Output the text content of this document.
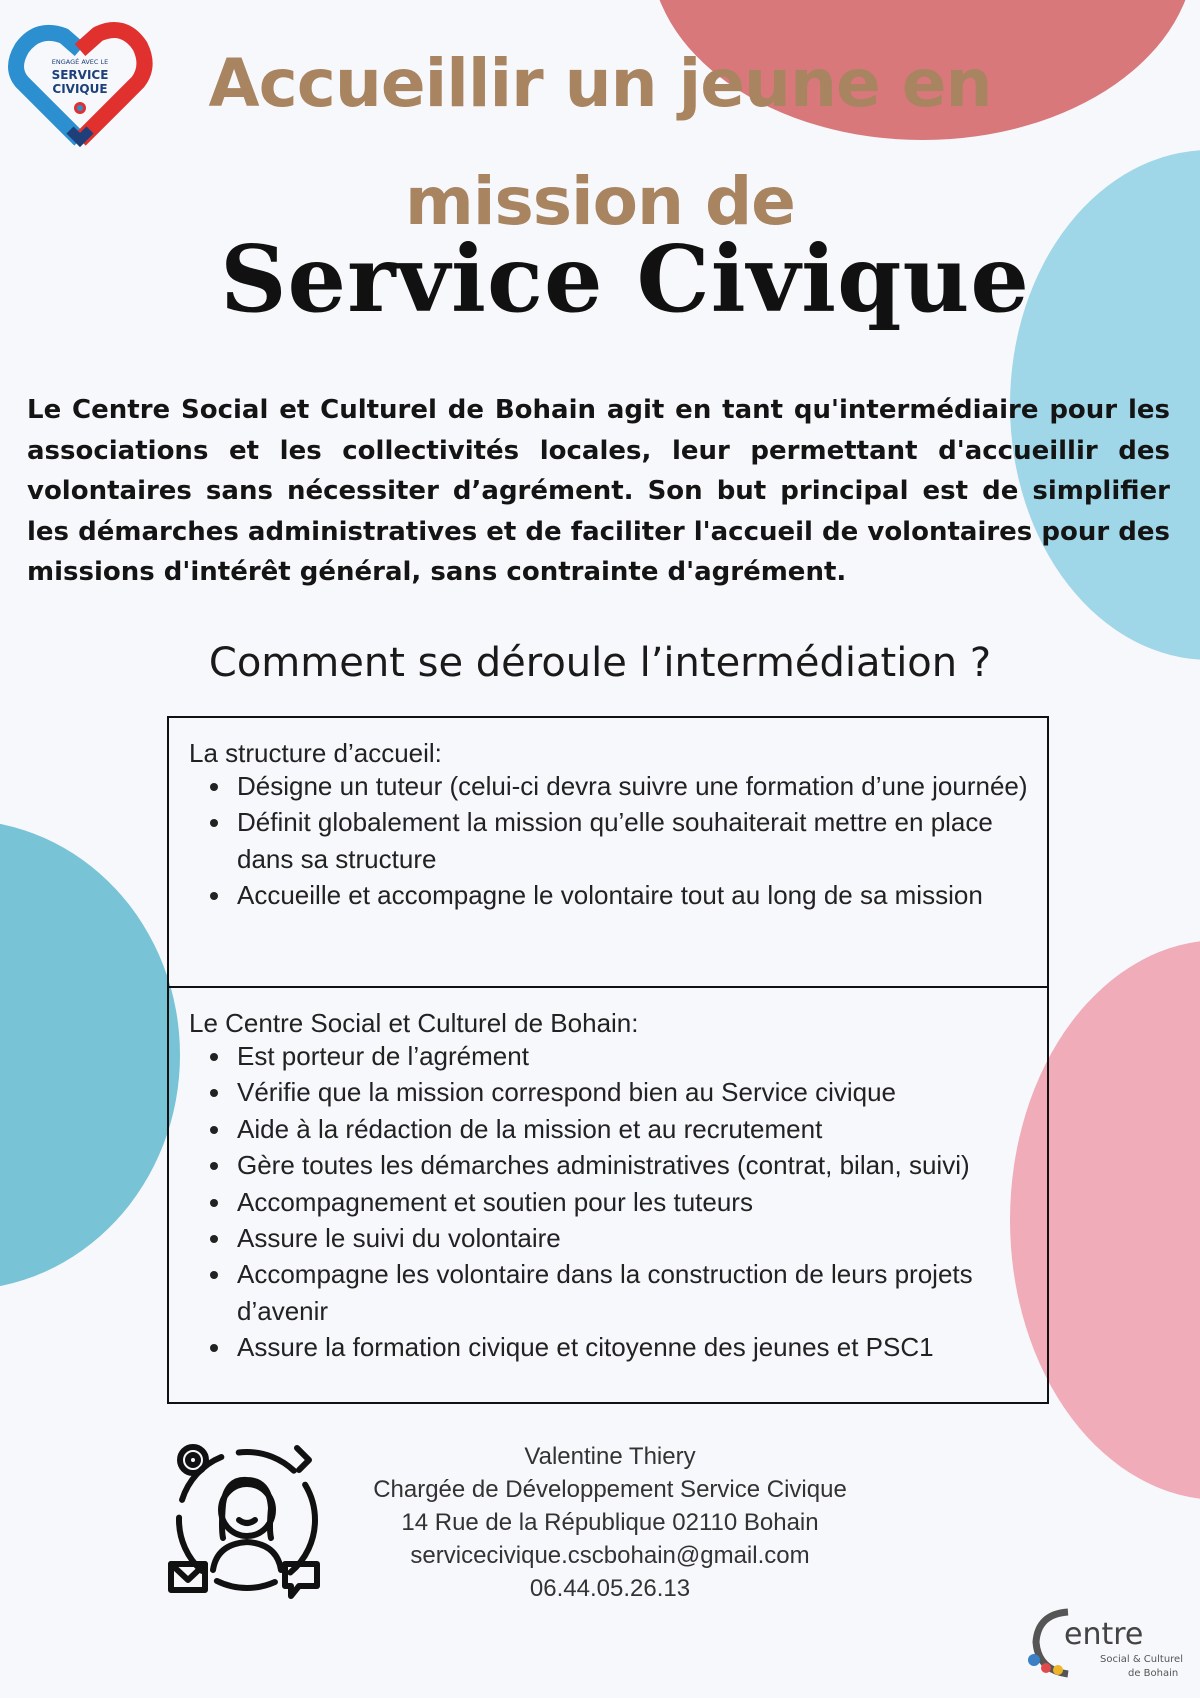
ENGAGÉ AVEC LE
SERVICE
CIVIQUE Accueillir un jeune en
mission de
Service Civique

Le Centre Social et Culturel de Bohain agit en tant qu'intermédiaire pour les associations et les collectivités locales, leur permettant d'accueillir des volontaires sans nécessiter d’agrément. Son but principal est de simplifier les démarches administratives et de faciliter l'accueil de volontaires pour des missions d'intérêt général, sans contrainte d'agrément.

Comment se déroule l’intermédiation ?
La structure d’accueil:
• Désigne un tuteur (celui-ci devra suivre une formation d’une journée)
• Définit globalement la mission qu’elle souhaiterait mettre en place dans sa structure
• Accueille et accompagne le volontaire tout au long de sa mission
Le Centre Social et Culturel de Bohain:
• Est porteur de l’agrément
• Vérifie que la mission correspond bien au Service civique
• Aide à la rédaction de la mission et au recrutement
• Gère toutes les démarches administratives (contrat, bilan, suivi)
• Accompagnement et soutien pour les tuteurs
• Assure le suivi du volontaire
• Accompagne les volontaire dans la construction de leurs projets d’avenir
• Assure la formation civique et citoyenne des jeunes et PSC1
Valentine Thiery
Chargée de Développement Service Civique
14 Rue de la République 02110 Bohain
servicecivique.cscbohain@gmail.com
06.44.05.26.13
entre
Social & Culturel
de Bohain
